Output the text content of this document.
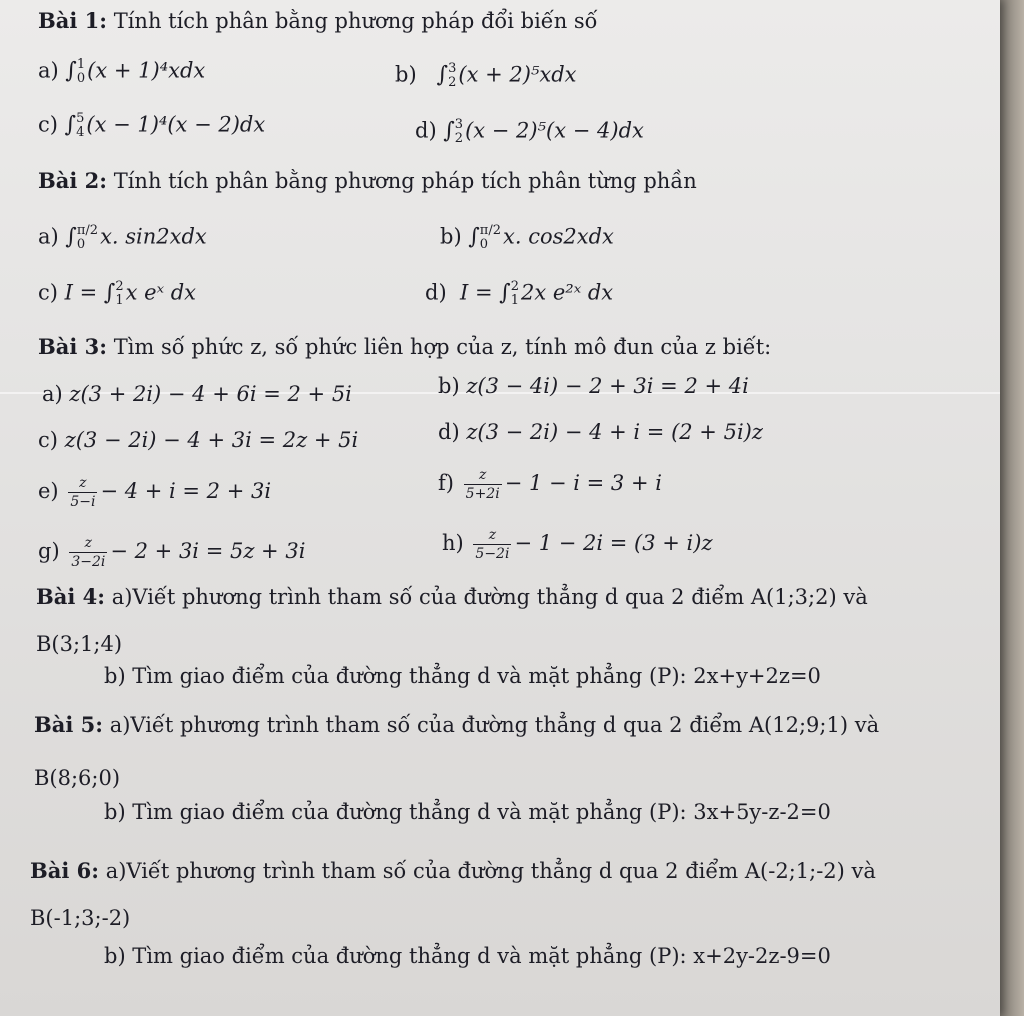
Bài 1: Tính tích phân bằng phương pháp đổi biến số
a) ∫ 1
0 (x + 1)⁴xdx	b) ∫ 3
2 (x + 2)⁵xdx
c) ∫ 5
4 (x − 1)⁴(x − 2)dx	d) ∫ 3
2 (x − 2)⁵(x − 4)dx
Bài 2: Tính tích phân bằng phương pháp tích phân từng phần
a) ∫ π/2
0 x. sin2xdx	b) ∫ π/2
0 x. cos2xdx
c) I = ∫ 2
1 x eˣ dx	d) I = ∫ 2
1 2x e²ˣ dx
Bài 3: Tìm số phức z, số phức liên hợp của z, tính mô đun của z biết:
a) z(3 + 2i) − 4 + 6i = 2 + 5i	b) z(3 − 4i) − 2 + 3i = 2 + 4i
c) z(3 − 2i) − 4 + 3i = 2z + 5i	d) z(3 − 2i) − 4 + i = (2 + 5i)z
$e) \frac{z}{5-i} - 4 + i = 2 + 3i$	$f) \frac{z}{5+2i} - 1 - i = 3 + i$
$g) \frac{z}{3-2i} - 2 + 3i = 5z + 3i$	$h) \frac{z}{5-2i} - 1 - 2i = (3 + i)z$
Bài 4: a)Viết phương trình tham số của đường thẳng d qua 2 điểm A(1;3;2) và
B(3;1;4)
b) Tìm giao điểm của đường thẳng d và mặt phẳng (P): 2x+y+2z=0
Bài 5: a)Viết phương trình tham số của đường thẳng d qua 2 điểm A(12;9;1) và
B(8;6;0)
b) Tìm giao điểm của đường thẳng d và mặt phẳng (P): 3x+5y-z-2=0
Bài 6: a)Viết phương trình tham số của đường thẳng d qua 2 điểm A(-2;1;-2) và
B(-1;3;-2)
b) Tìm giao điểm của đường thẳng d và mặt phẳng (P): x+2y-2z-9=0
